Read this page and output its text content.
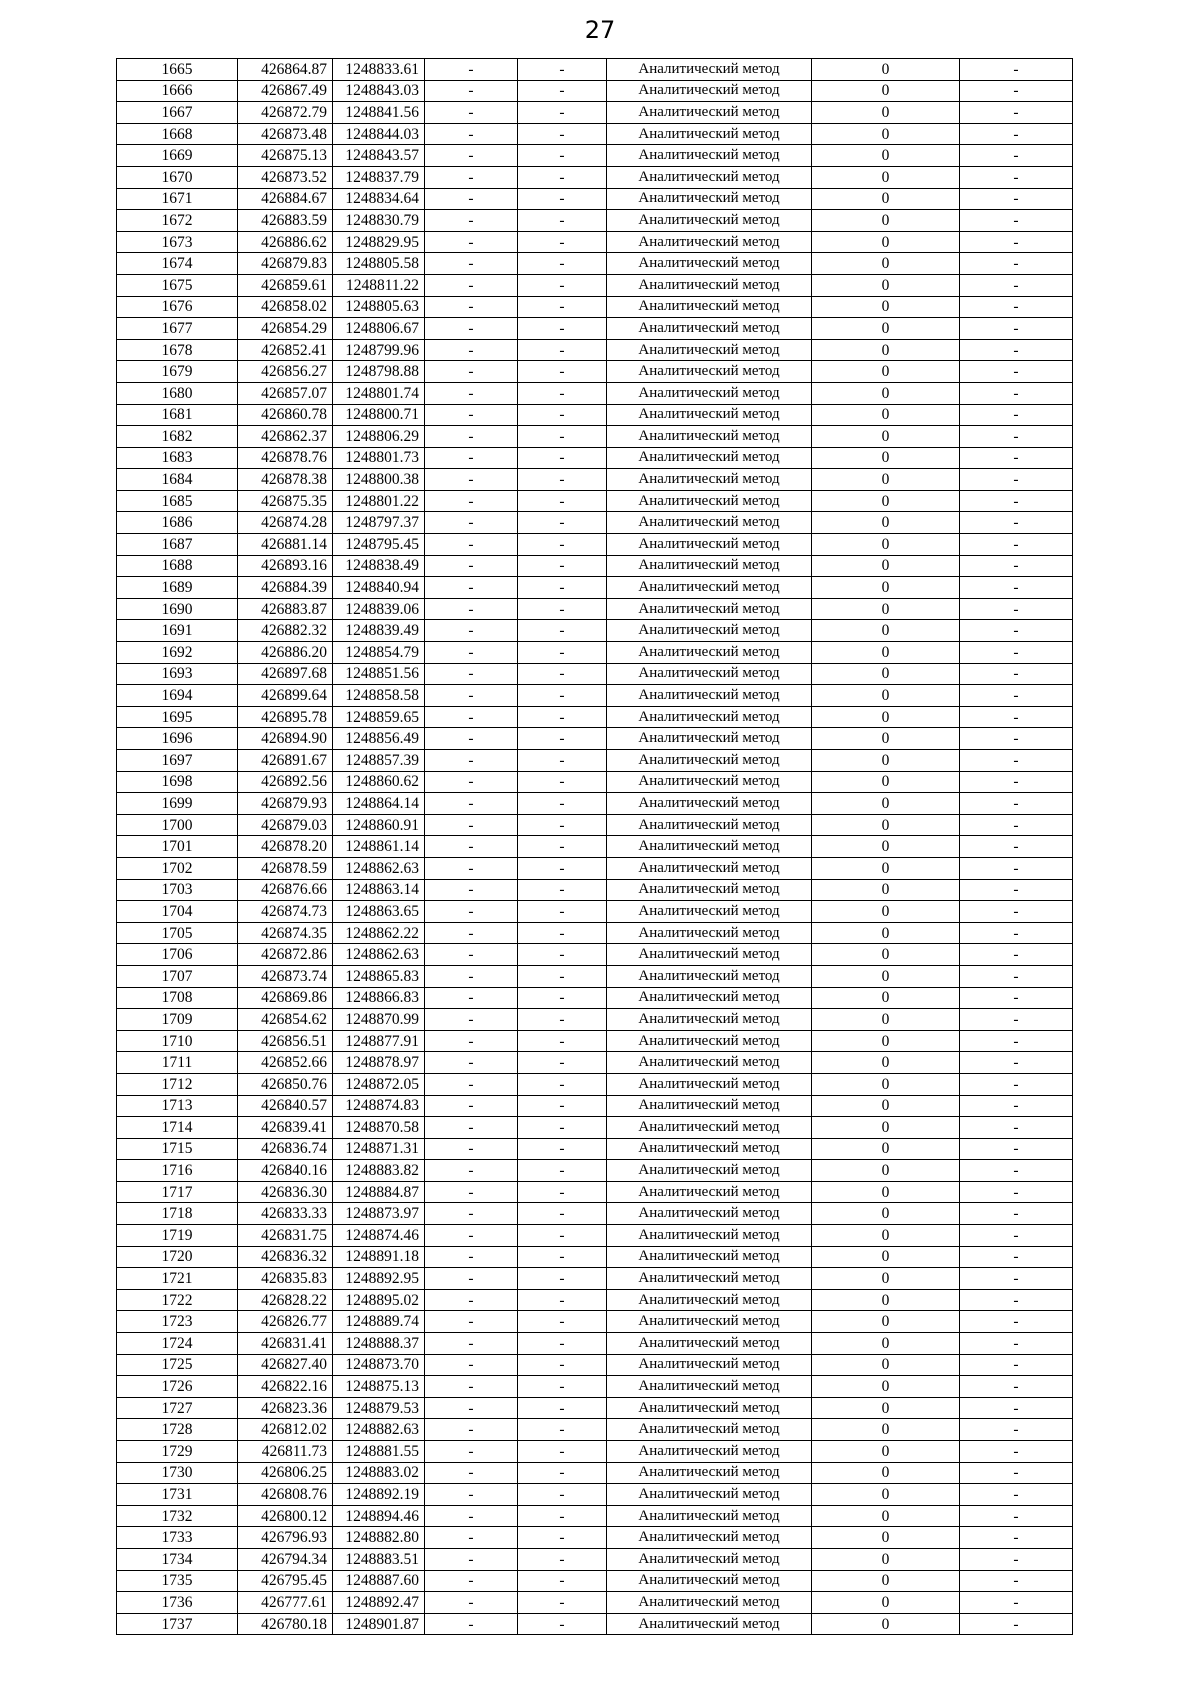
27
1665	426864.87	1248833.61	-	-	Аналитический метод	0	-
1666	426867.49	1248843.03	-	-	Аналитический метод	0	-
1667	426872.79	1248841.56	-	-	Аналитический метод	0	-
1668	426873.48	1248844.03	-	-	Аналитический метод	0	-
1669	426875.13	1248843.57	-	-	Аналитический метод	0	-
1670	426873.52	1248837.79	-	-	Аналитический метод	0	-
1671	426884.67	1248834.64	-	-	Аналитический метод	0	-
1672	426883.59	1248830.79	-	-	Аналитический метод	0	-
1673	426886.62	1248829.95	-	-	Аналитический метод	0	-
1674	426879.83	1248805.58	-	-	Аналитический метод	0	-
1675	426859.61	1248811.22	-	-	Аналитический метод	0	-
1676	426858.02	1248805.63	-	-	Аналитический метод	0	-
1677	426854.29	1248806.67	-	-	Аналитический метод	0	-
1678	426852.41	1248799.96	-	-	Аналитический метод	0	-
1679	426856.27	1248798.88	-	-	Аналитический метод	0	-
1680	426857.07	1248801.74	-	-	Аналитический метод	0	-
1681	426860.78	1248800.71	-	-	Аналитический метод	0	-
1682	426862.37	1248806.29	-	-	Аналитический метод	0	-
1683	426878.76	1248801.73	-	-	Аналитический метод	0	-
1684	426878.38	1248800.38	-	-	Аналитический метод	0	-
1685	426875.35	1248801.22	-	-	Аналитический метод	0	-
1686	426874.28	1248797.37	-	-	Аналитический метод	0	-
1687	426881.14	1248795.45	-	-	Аналитический метод	0	-
1688	426893.16	1248838.49	-	-	Аналитический метод	0	-
1689	426884.39	1248840.94	-	-	Аналитический метод	0	-
1690	426883.87	1248839.06	-	-	Аналитический метод	0	-
1691	426882.32	1248839.49	-	-	Аналитический метод	0	-
1692	426886.20	1248854.79	-	-	Аналитический метод	0	-
1693	426897.68	1248851.56	-	-	Аналитический метод	0	-
1694	426899.64	1248858.58	-	-	Аналитический метод	0	-
1695	426895.78	1248859.65	-	-	Аналитический метод	0	-
1696	426894.90	1248856.49	-	-	Аналитический метод	0	-
1697	426891.67	1248857.39	-	-	Аналитический метод	0	-
1698	426892.56	1248860.62	-	-	Аналитический метод	0	-
1699	426879.93	1248864.14	-	-	Аналитический метод	0	-
1700	426879.03	1248860.91	-	-	Аналитический метод	0	-
1701	426878.20	1248861.14	-	-	Аналитический метод	0	-
1702	426878.59	1248862.63	-	-	Аналитический метод	0	-
1703	426876.66	1248863.14	-	-	Аналитический метод	0	-
1704	426874.73	1248863.65	-	-	Аналитический метод	0	-
1705	426874.35	1248862.22	-	-	Аналитический метод	0	-
1706	426872.86	1248862.63	-	-	Аналитический метод	0	-
1707	426873.74	1248865.83	-	-	Аналитический метод	0	-
1708	426869.86	1248866.83	-	-	Аналитический метод	0	-
1709	426854.62	1248870.99	-	-	Аналитический метод	0	-
1710	426856.51	1248877.91	-	-	Аналитический метод	0	-
1711	426852.66	1248878.97	-	-	Аналитический метод	0	-
1712	426850.76	1248872.05	-	-	Аналитический метод	0	-
1713	426840.57	1248874.83	-	-	Аналитический метод	0	-
1714	426839.41	1248870.58	-	-	Аналитический метод	0	-
1715	426836.74	1248871.31	-	-	Аналитический метод	0	-
1716	426840.16	1248883.82	-	-	Аналитический метод	0	-
1717	426836.30	1248884.87	-	-	Аналитический метод	0	-
1718	426833.33	1248873.97	-	-	Аналитический метод	0	-
1719	426831.75	1248874.46	-	-	Аналитический метод	0	-
1720	426836.32	1248891.18	-	-	Аналитический метод	0	-
1721	426835.83	1248892.95	-	-	Аналитический метод	0	-
1722	426828.22	1248895.02	-	-	Аналитический метод	0	-
1723	426826.77	1248889.74	-	-	Аналитический метод	0	-
1724	426831.41	1248888.37	-	-	Аналитический метод	0	-
1725	426827.40	1248873.70	-	-	Аналитический метод	0	-
1726	426822.16	1248875.13	-	-	Аналитический метод	0	-
1727	426823.36	1248879.53	-	-	Аналитический метод	0	-
1728	426812.02	1248882.63	-	-	Аналитический метод	0	-
1729	426811.73	1248881.55	-	-	Аналитический метод	0	-
1730	426806.25	1248883.02	-	-	Аналитический метод	0	-
1731	426808.76	1248892.19	-	-	Аналитический метод	0	-
1732	426800.12	1248894.46	-	-	Аналитический метод	0	-
1733	426796.93	1248882.80	-	-	Аналитический метод	0	-
1734	426794.34	1248883.51	-	-	Аналитический метод	0	-
1735	426795.45	1248887.60	-	-	Аналитический метод	0	-
1736	426777.61	1248892.47	-	-	Аналитический метод	0	-
1737	426780.18	1248901.87	-	-	Аналитический метод	0	-
